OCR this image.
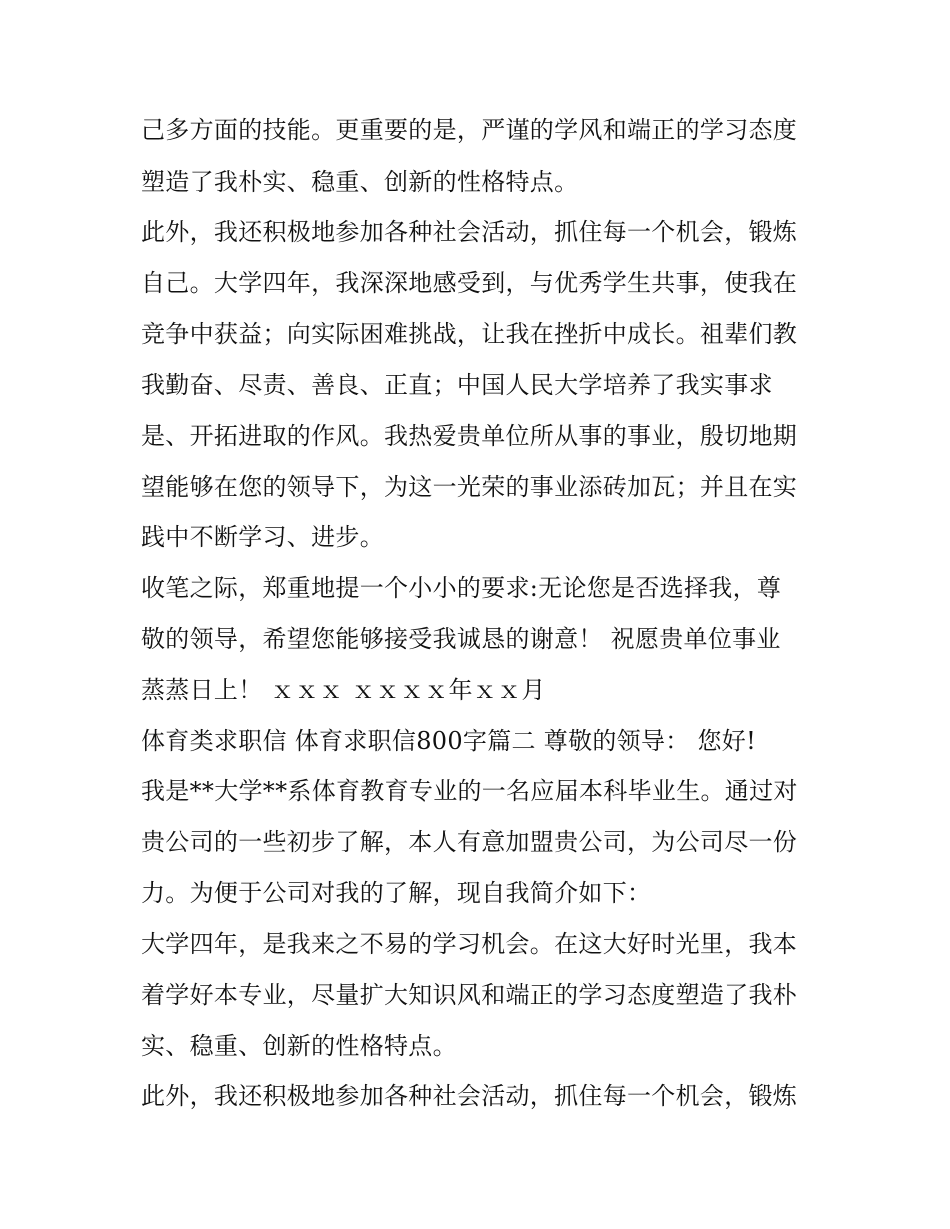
己多方面的技能。更重要的是，严谨的学风和端正的学习态度
塑造了我朴实、稳重、创新的性格特点。
此外，我还积极地参加各种社会活动，抓住每一个机会，锻炼
自己。大学四年，我深深地感受到，与优秀学生共事，使我在
竞争中获益；向实际困难挑战，让我在挫折中成长。祖辈们教
我勤奋、尽责、善良、正直；中国人民大学培养了我实事求
是、开拓进取的作风。我热爱贵单位所从事的事业，殷切地期
望能够在您的领导下，为这一光荣的事业添砖加瓦；并且在实
践中不断学习、进步。
收笔之际，郑重地提一个小小的要求:无论您是否选择我，尊
敬的领导，希望您能够接受我诚恳的谢意！ 祝愿贵单位事业
蒸蒸日上！ ｘｘｘ ｘｘｘｘ年ｘｘ月
体育类求职信 体育求职信800字篇二 尊敬的领导： 您好!
我是**大学**系体育教育专业的一名应届本科毕业生。通过对
贵公司的一些初步了解，本人有意加盟贵公司，为公司尽一份
力。为便于公司对我的了解，现自我简介如下：
大学四年，是我来之不易的学习机会。在这大好时光里，我本
着学好本专业，尽量扩大知识风和端正的学习态度塑造了我朴
实、稳重、创新的性格特点。
此外，我还积极地参加各种社会活动，抓住每一个机会，锻炼
